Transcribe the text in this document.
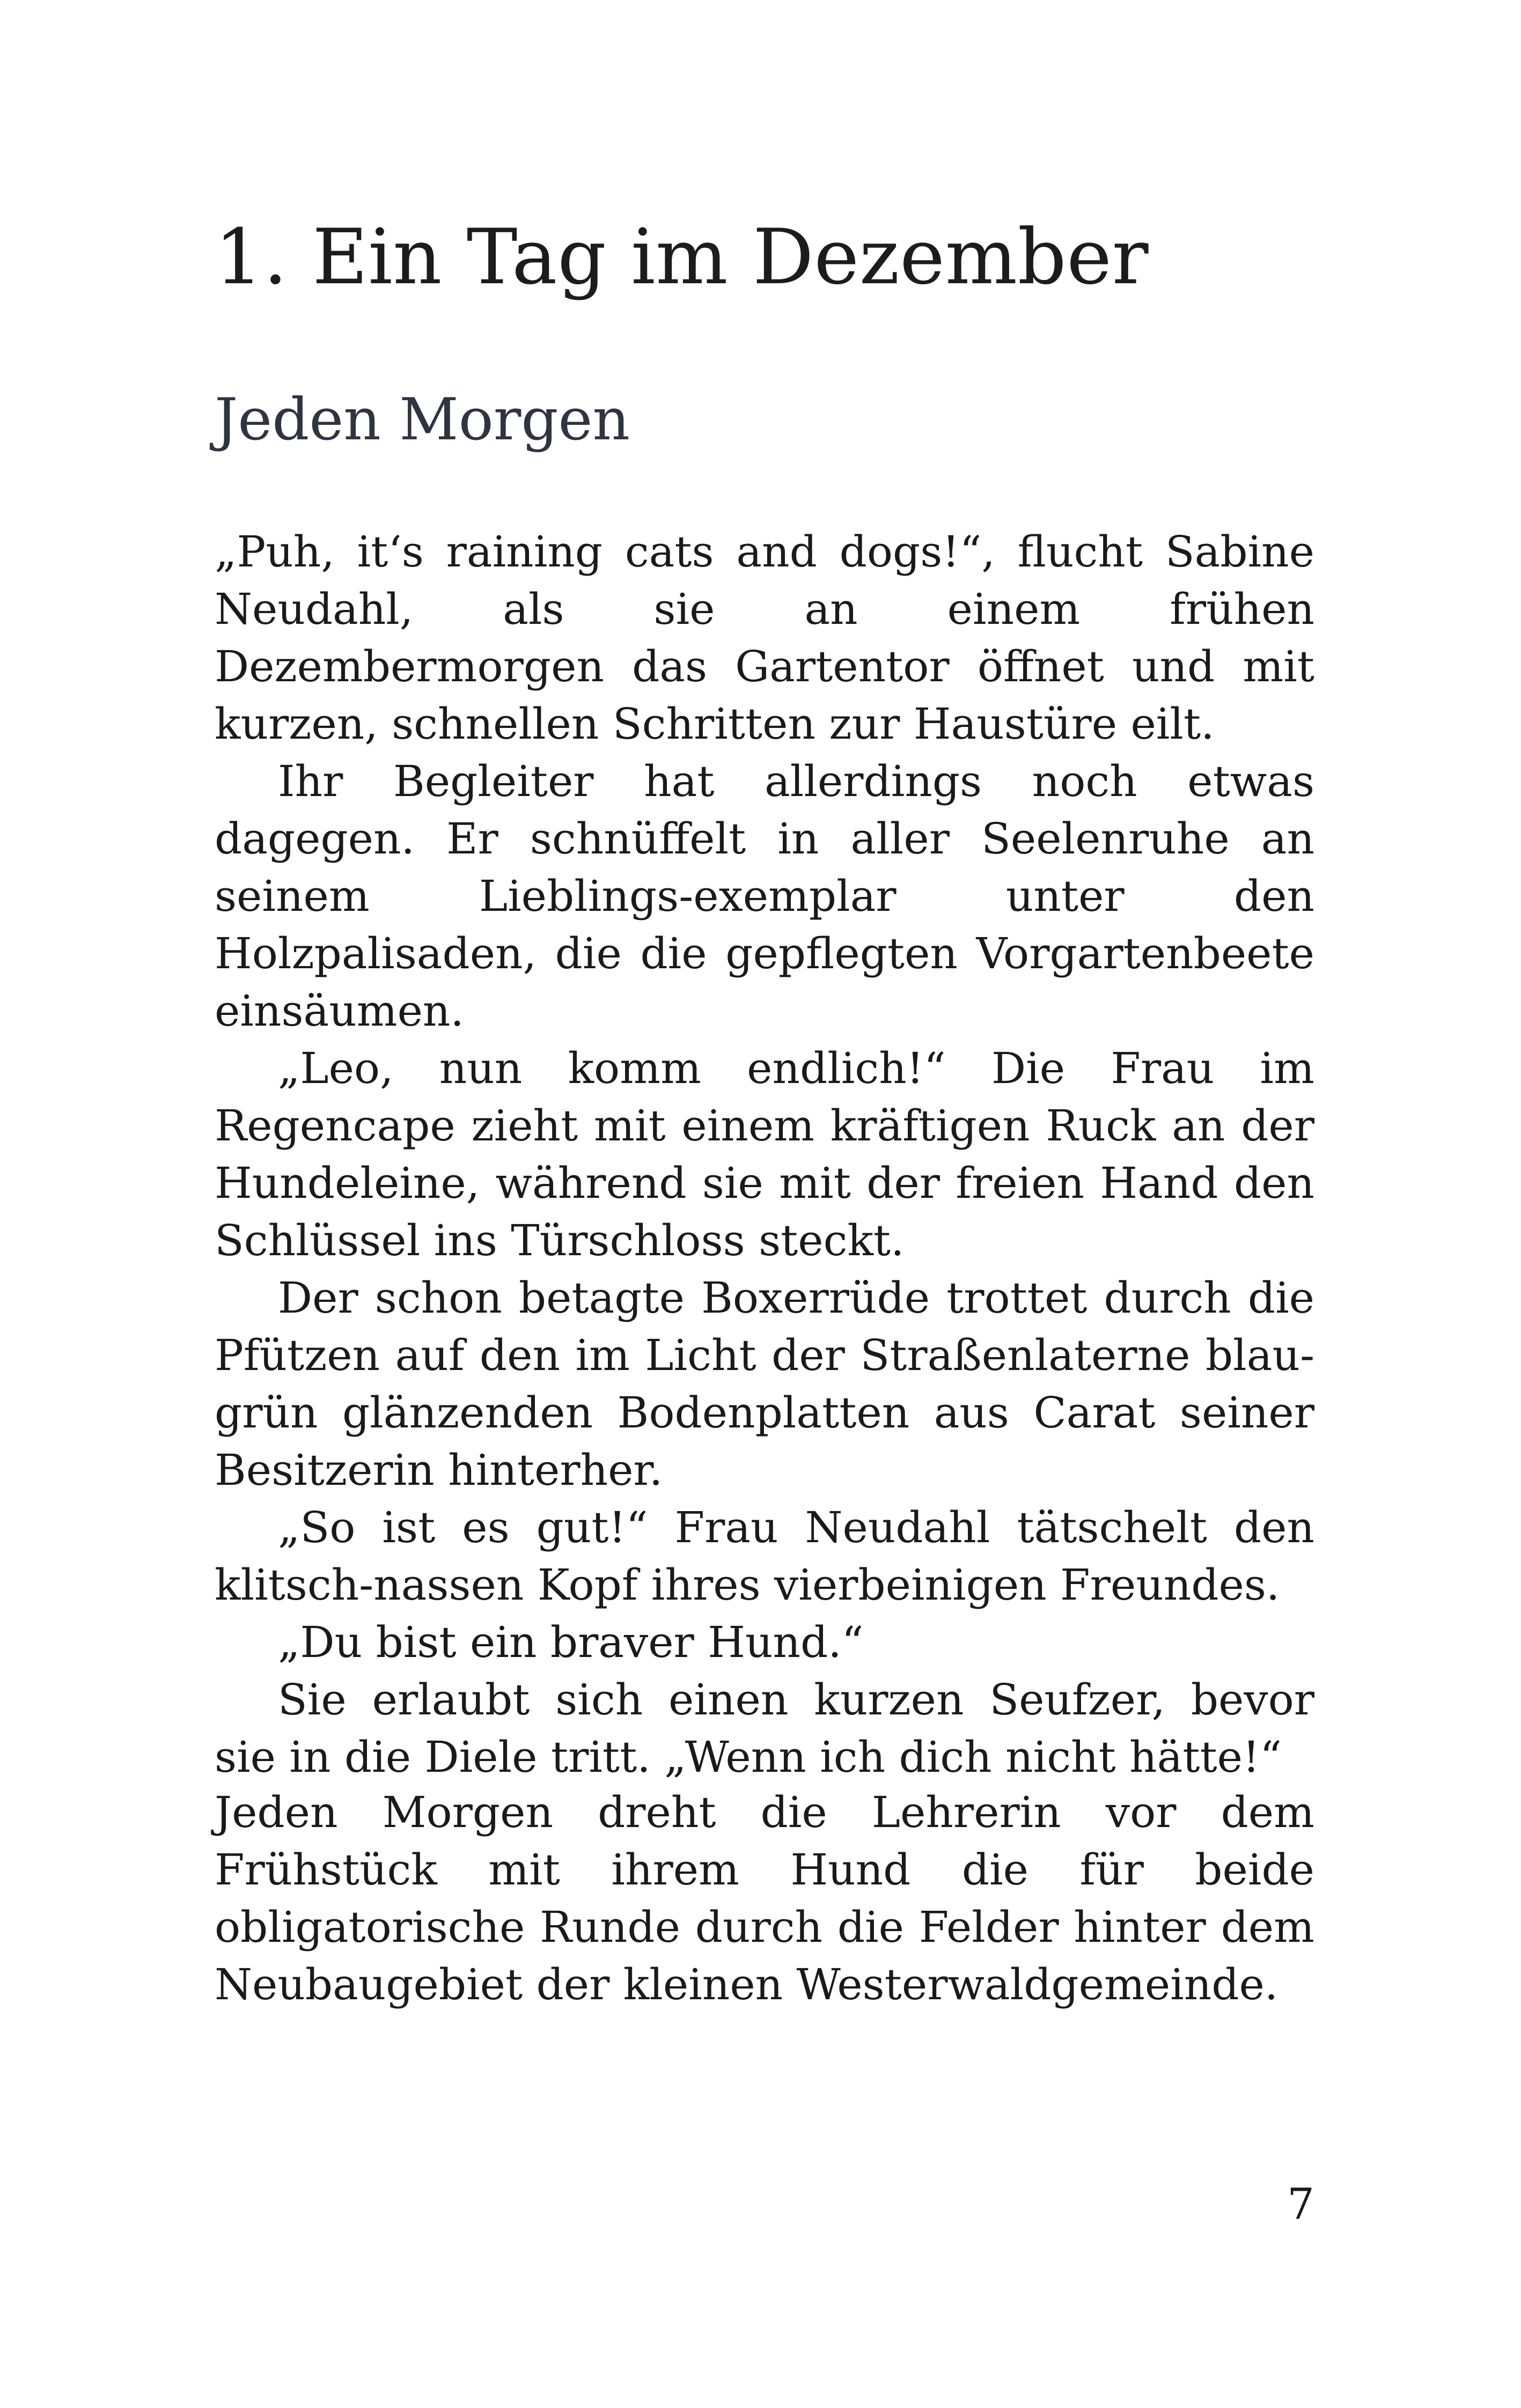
1. Ein Tag im Dezember
Jeden Morgen

„Puh, it‘s raining cats and dogs!“, flucht Sabine Neudahl, als sie an einem frühen Dezembermorgen das Gartentor öffnet und mit kurzen, schnellen Schritten zur Haustüre eilt.

Ihr Begleiter hat allerdings noch etwas dagegen. Er schnüffelt in aller Seelenruhe an seinem Lieblings-exemplar unter den Holzpalisaden, die die gepflegten Vorgartenbeete einsäumen.

„Leo, nun komm endlich!“ Die Frau im Regencape zieht mit einem kräftigen Ruck an der Hundeleine, während sie mit der freien Hand den Schlüssel ins Türschloss steckt.

Der schon betagte Boxerrüde trottet durch die Pfützen auf den im Licht der Straßenlaterne blau-grün glänzenden Bodenplatten aus Carat seiner Besitzerin hinterher.

„So ist es gut!“ Frau Neudahl tätschelt den klitsch-nassen Kopf ihres vierbeinigen Freundes.

„Du bist ein braver Hund.“

Sie erlaubt sich einen kurzen Seufzer, bevor sie in die Diele tritt. „Wenn ich dich nicht hätte!“

Jeden Morgen dreht die Lehrerin vor dem Frühstück mit ihrem Hund die für beide obligatorische Runde durch die Felder hinter dem Neubaugebiet der kleinen Westerwaldgemeinde.

7
